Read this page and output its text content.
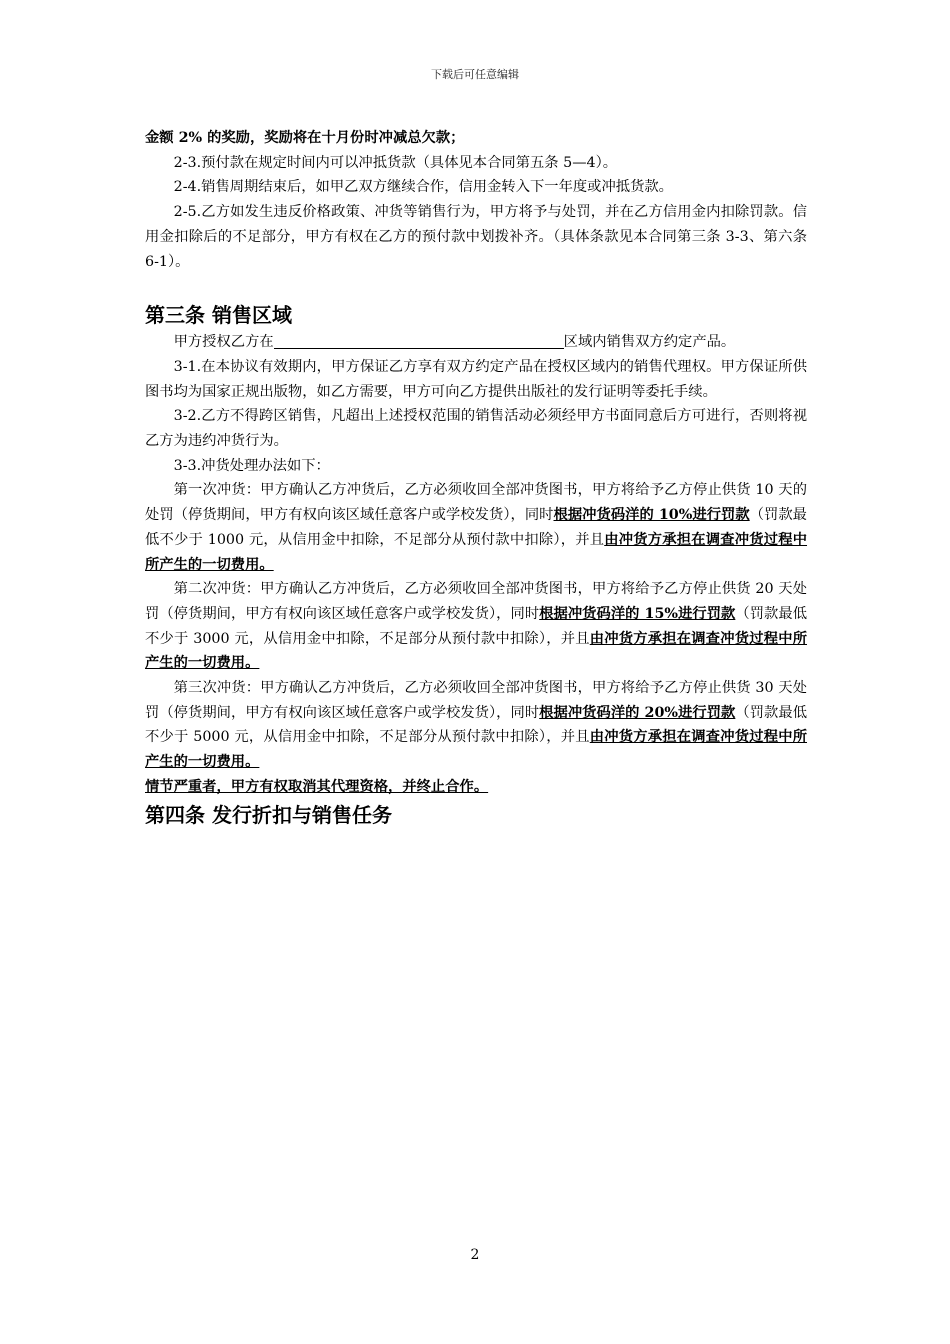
下载后可任意编辑

金额 2% 的奖励，奖励将在十月份时冲减总欠款；

2-3.预付款在规定时间内可以冲抵货款（具体见本合同第五条 5—4）。

2-4.销售周期结束后，如甲乙双方继续合作，信用金转入下一年度或冲抵货款。

2-5.乙方如发生违反价格政策、冲货等销售行为，甲方将予与处罚，并在乙方信用金内扣除罚款。信用金扣除后的不足部分，甲方有权在乙方的预付款中划拨补齐。（具体条款见本合同第三条 3-3、第六条 6-1）。

第三条 销售区域

甲方授权乙方在	区域内销售双方约定产品。

3-1.在本协议有效期内，甲方保证乙方享有双方约定产品在授权区域内的销售代理权。甲方保证所供图书均为国家正规出版物，如乙方需要，甲方可向乙方提供出版社的发行证明等委托手续。

3-2.乙方不得跨区销售，凡超出上述授权范围的销售活动必须经甲方书面同意后方可进行，否则将视乙方为违约冲货行为。

3-3.冲货处理办法如下：

第一次冲货：甲方确认乙方冲货后，乙方必须收回全部冲货图书，甲方将给予乙方停止供货 10 天的处罚（停货期间，甲方有权向该区域任意客户或学校发货），同时根据冲货码洋的 10%进行罚款（罚款最低不少于 1000 元，从信用金中扣除，不足部分从预付款中扣除），并且由冲货方承担在调查冲货过程中所产生的一切费用。

第二次冲货：甲方确认乙方冲货后，乙方必须收回全部冲货图书，甲方将给予乙方停止供货 20 天处罚（停货期间，甲方有权向该区域任意客户或学校发货），同时根据冲货码洋的 15%进行罚款（罚款最低不少于 3000 元，从信用金中扣除，不足部分从预付款中扣除），并且由冲货方承担在调查冲货过程中所产生的一切费用。

第三次冲货：甲方确认乙方冲货后，乙方必须收回全部冲货图书，甲方将给予乙方停止供货 30 天处罚（停货期间，甲方有权向该区域任意客户或学校发货），同时根据冲货码洋的 20%进行罚款（罚款最低不少于 5000 元，从信用金中扣除，不足部分从预付款中扣除），并且由冲货方承担在调查冲货过程中所产生的一切费用。

情节严重者，甲方有权取消其代理资格，并终止合作。

第四条 发行折扣与销售任务
2
